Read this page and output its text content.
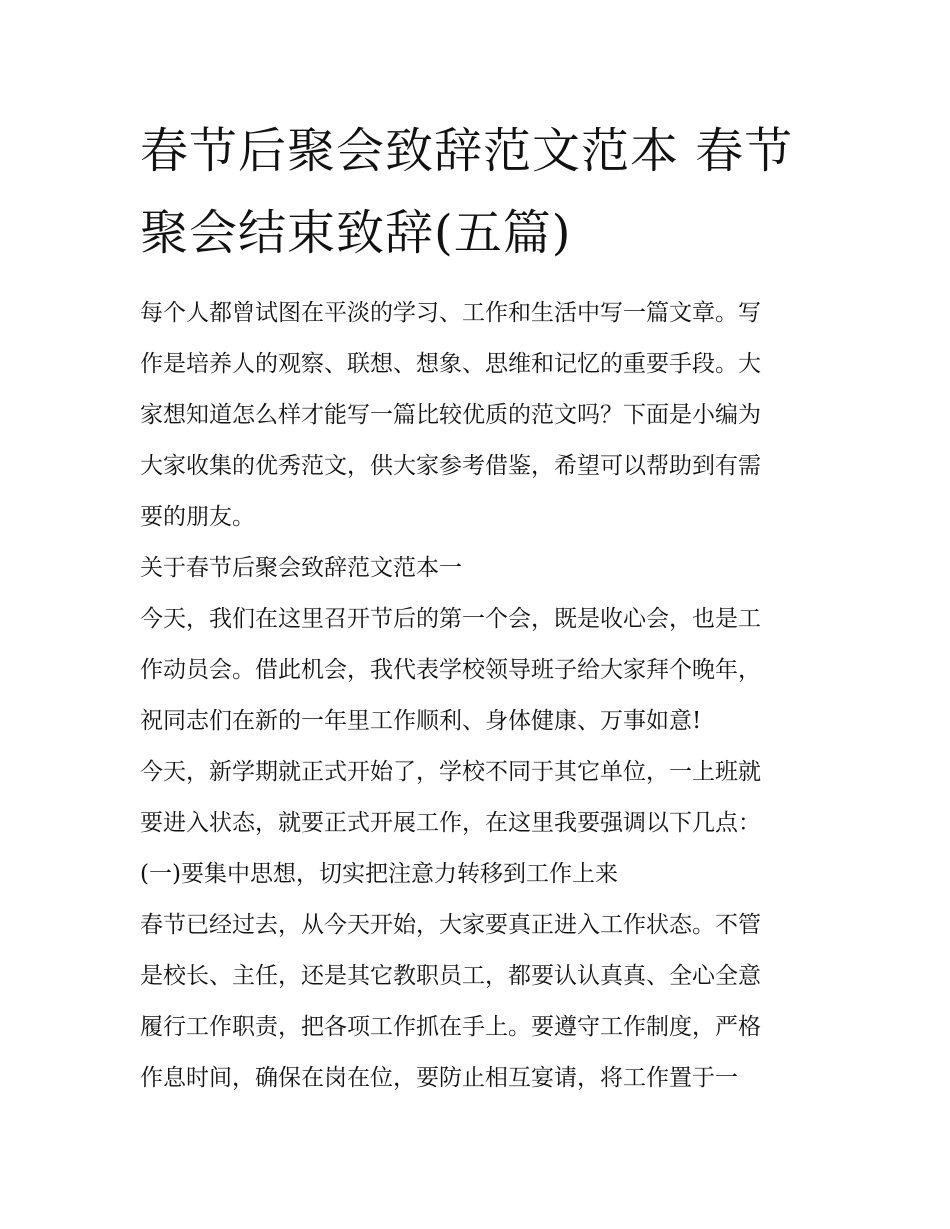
春节后聚会致辞范文范本 春节
聚会结束致辞(五篇)

每个人都曾试图在平淡的学习、工作和生活中写一篇文章。写
作是培养人的观察、联想、想象、思维和记忆的重要手段。大
家想知道怎么样才能写一篇比较优质的范文吗？下面是小编为
大家收集的优秀范文，供大家参考借鉴，希望可以帮助到有需
要的朋友。

关于春节后聚会致辞范文范本一

今天，我们在这里召开节后的第一个会，既是收心会，也是工
作动员会。借此机会，我代表学校领导班子给大家拜个晚年，
祝同志们在新的一年里工作顺利、身体健康、万事如意!

今天，新学期就正式开始了，学校不同于其它单位，一上班就
要进入状态，就要正式开展工作，在这里我要强调以下几点：

(一)要集中思想，切实把注意力转移到工作上来

春节已经过去，从今天开始，大家要真正进入工作状态。不管
是校长、主任，还是其它教职员工，都要认认真真、全心全意
履行工作职责，把各项工作抓在手上。要遵守工作制度，严格
作息时间，确保在岗在位，要防止相互宴请，将工作置于一
